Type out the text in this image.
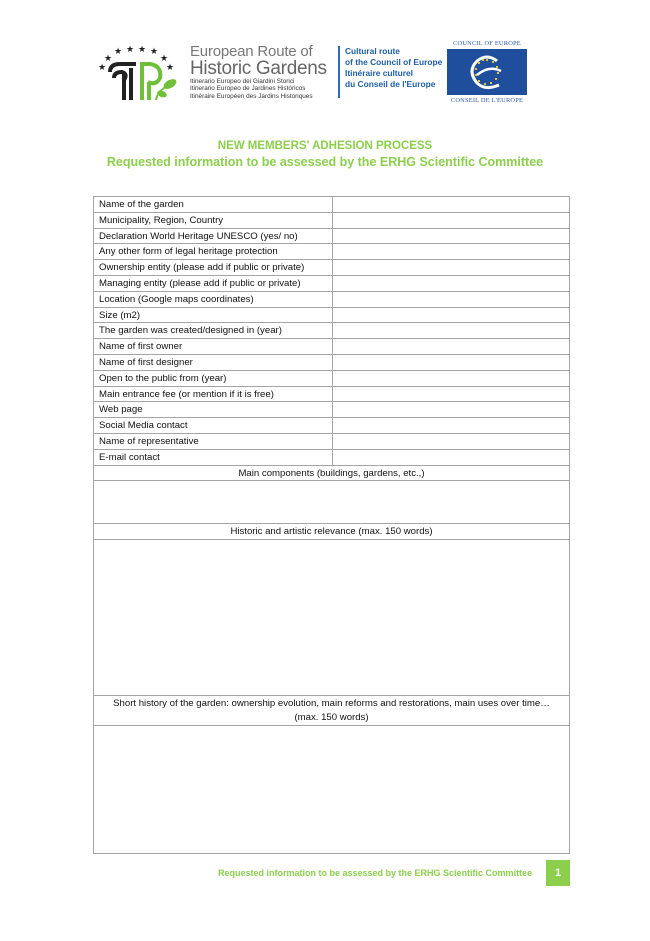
★
★
★ ★ ★ ★
★
★
European Route of
Historic Gardens
Itinerario Europeo dei Giardini Storici
Itinerario Europeo de Jardines Históricos
Itinéraire Européen des Jardins Historiques
Cultural route
of the Council of Europe
Itinéraire culturel
du Conseil de l'Europe
COUNCIL OF EUROPE
CONSEIL DE L'EUROPE
NEW MEMBERS' ADHESION PROCESS
Requested information to be assessed by the ERHG Scientific Committee
Name of the garden	
Municipality, Region, Country	
Declaration World Heritage UNESCO (yes/ no)	
Any other form of legal heritage protection	
Ownership entity (please add if public or private)	
Managing entity (please add if public or private)	
Location (Google maps coordinates)	
Size (m2)	
The garden was created/designed in (year)	
Name of first owner	
Name of first designer	
Open to the public from (year)	
Main entrance fee (or mention if it is free)	
Web page	
Social Media contact	
Name of representative	
E-mail contact	
Main components (buildings, gardens, etc.,)	

Historic and artistic relevance (max. 150 words)	

Short history of the garden: ownership evolution, main reforms and restorations, main uses over time… (max. 150 words)	

Requested information to be assessed by the ERHG Scientific Committee	1
